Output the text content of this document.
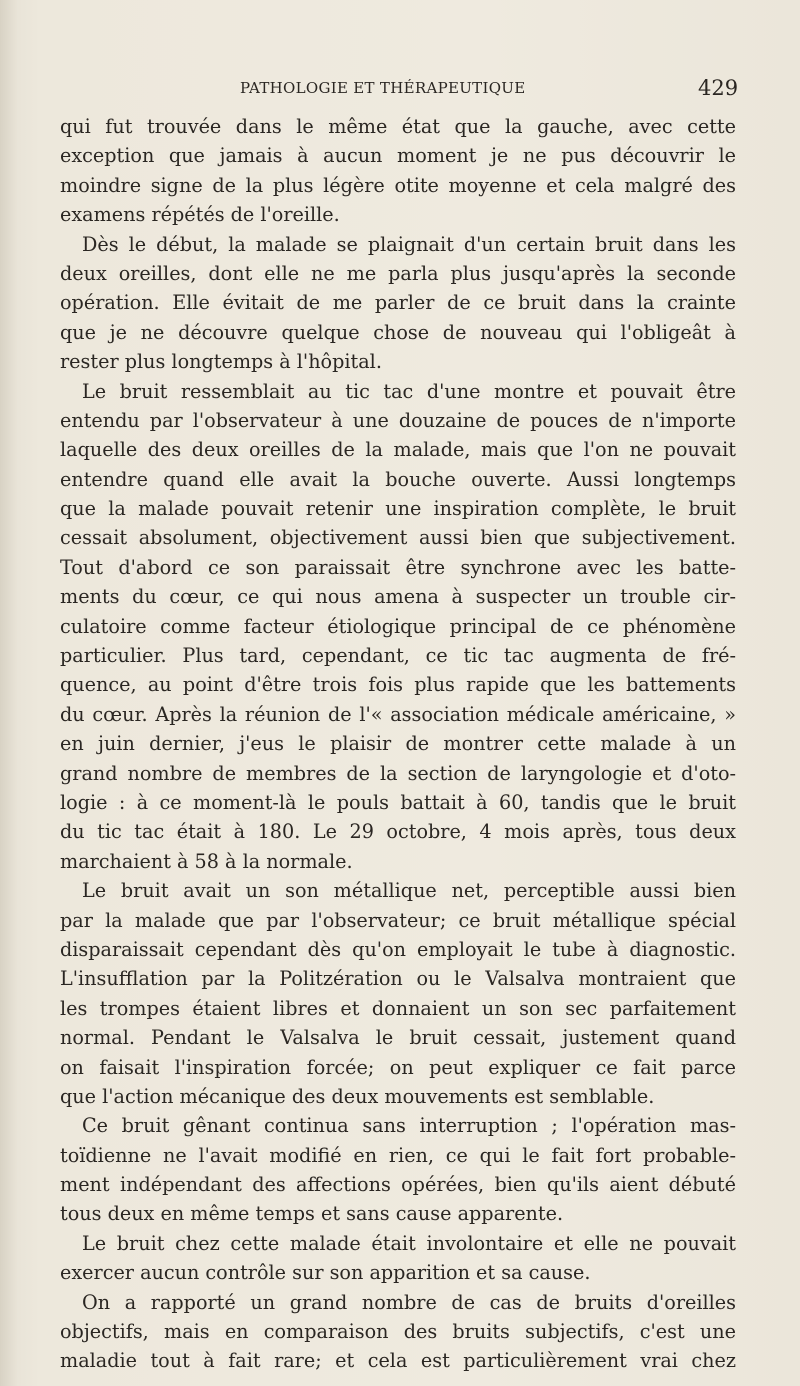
PATHOLOGIE ET THÉRAPEUTIQUE	429
qui fut trouvée dans le même état que la gauche, avec cette
exception que jamais à aucun moment je ne pus découvrir le
moindre signe de la plus légère otite moyenne et cela malgré des
examens répétés de l'oreille.
Dès le début, la malade se plaignait d'un certain bruit dans les
deux oreilles, dont elle ne me parla plus jusqu'après la seconde
opération. Elle évitait de me parler de ce bruit dans la crainte
que je ne découvre quelque chose de nouveau qui l'obligeât à
rester plus longtemps à l'hôpital.
Le bruit ressemblait au tic tac d'une montre et pouvait être
entendu par l'observateur à une douzaine de pouces de n'importe
laquelle des deux oreilles de la malade, mais que l'on ne pouvait
entendre quand elle avait la bouche ouverte. Aussi longtemps
que la malade pouvait retenir une inspiration complète, le bruit
cessait absolument, objectivement aussi bien que subjectivement.
Tout d'abord ce son paraissait être synchrone avec les batte-
ments du cœur, ce qui nous amena à suspecter un trouble cir-
culatoire comme facteur étiologique principal de ce phénomène
particulier. Plus tard, cependant, ce tic tac augmenta de fré-
quence, au point d'être trois fois plus rapide que les battements
du cœur. Après la réunion de l'« association médicale américaine, »
en juin dernier, j'eus le plaisir de montrer cette malade à un
grand nombre de membres de la section de laryngologie et d'oto-
logie : à ce moment-là le pouls battait à 60, tandis que le bruit
du tic tac était à 180. Le 29 octobre, 4 mois après, tous deux
marchaient à 58 à la normale.
Le bruit avait un son métallique net, perceptible aussi bien
par la malade que par l'observateur; ce bruit métallique spécial
disparaissait cependant dès qu'on employait le tube à diagnostic.
L'insufflation par la Politzération ou le Valsalva montraient que
les trompes étaient libres et donnaient un son sec parfaitement
normal. Pendant le Valsalva le bruit cessait, justement quand
on faisait l'inspiration forcée; on peut expliquer ce fait parce
que l'action mécanique des deux mouvements est semblable.
Ce bruit gênant continua sans interruption ; l'opération mas-
toïdienne ne l'avait modifié en rien, ce qui le fait fort probable-
ment indépendant des affections opérées, bien qu'ils aient débuté
tous deux en même temps et sans cause apparente.
Le bruit chez cette malade était involontaire et elle ne pouvait
exercer aucun contrôle sur son apparition et sa cause.
On a rapporté un grand nombre de cas de bruits d'oreilles
objectifs, mais en comparaison des bruits subjectifs, c'est une
maladie tout à fait rare; et cela est particulièrement vrai chez
